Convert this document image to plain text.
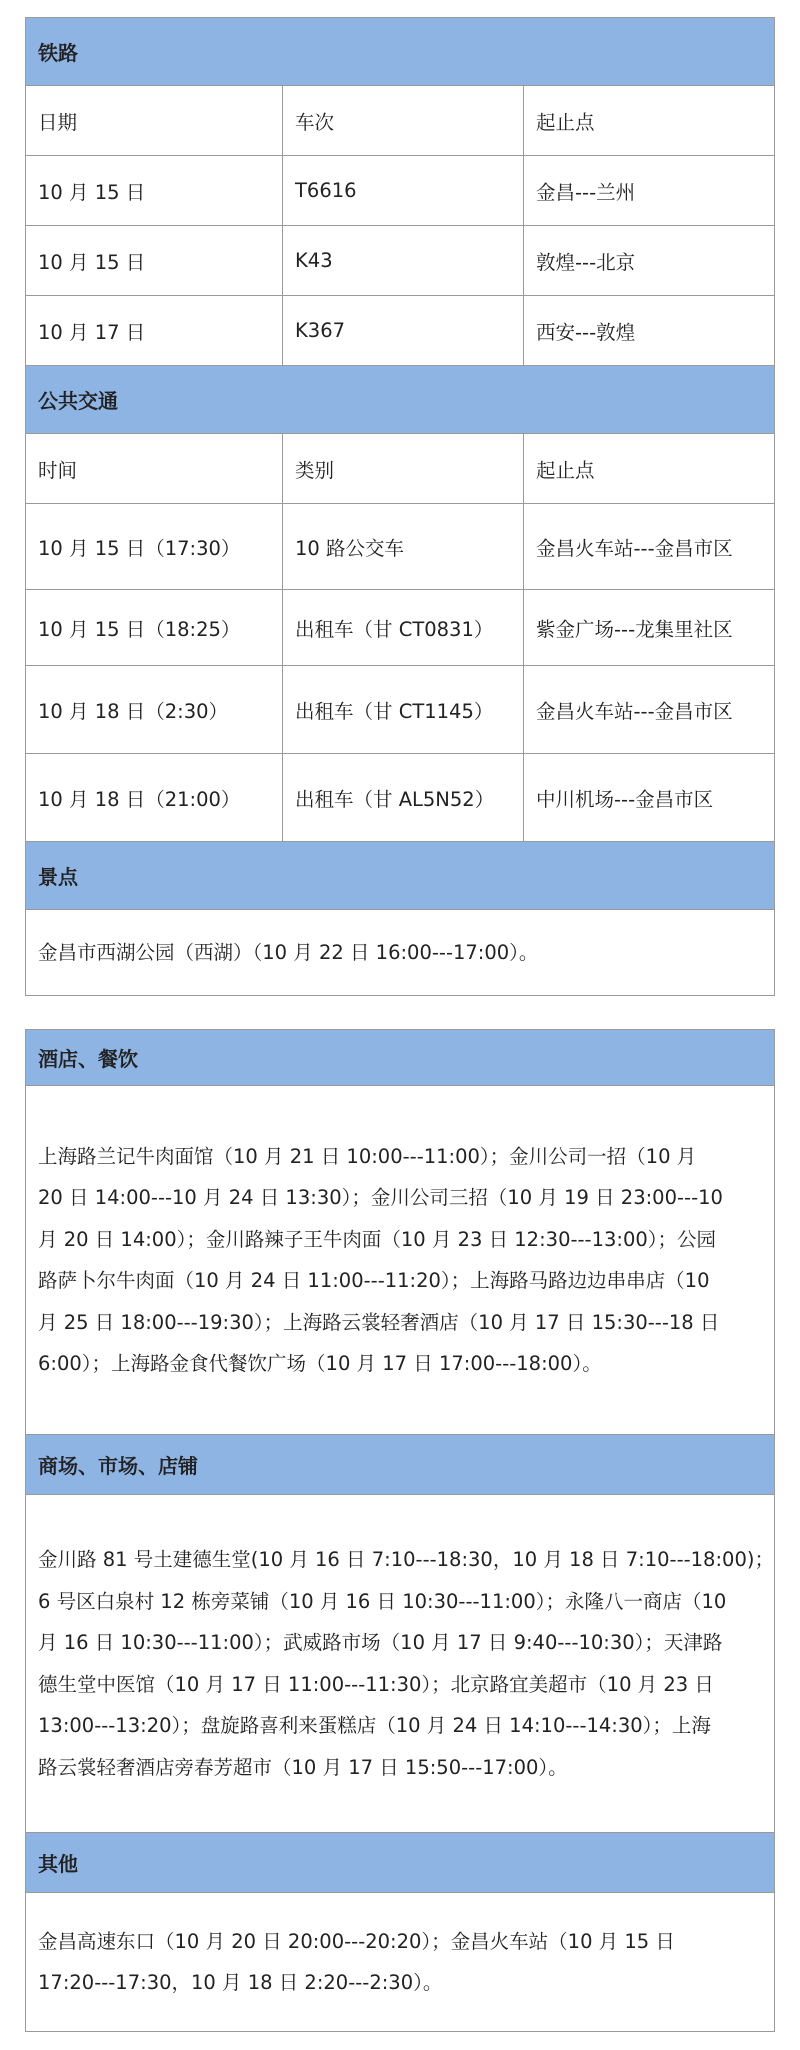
铁路
日期	车次	起止点
10 月 15 日	T6616	金昌---兰州
10 月 15 日	K43	敦煌---北京
10 月 17 日	K367	西安---敦煌
公共交通
时间	类别	起止点
10 月 15 日（17:30）	10 路公交车	金昌火车站---金昌市区
10 月 15 日（18:25）	出租车（甘 CT0831）	紫金广场---龙集里社区
10 月 18 日（2:30）	出租车（甘 CT1145）	金昌火车站---金昌市区
10 月 18 日（21:00）	出租车（甘 AL5N52）	中川机场---金昌市区
景点
金昌市西湖公园（西湖）（10 月 22 日 16:00---17:00）。
酒店、餐饮
上海路兰记牛肉面馆（10 月 21 日 10:00---11:00）；金川公司一招（10 月
20 日 14:00---10 月 24 日 13:30）；金川公司三招（10 月 19 日 23:00---10
月 20 日 14:00）；金川路辣子王牛肉面（10 月 23 日 12:30---13:00）；公园
路萨卜尔牛肉面（10 月 24 日 11:00---11:20）；上海路马路边边串串店（10
月 25 日 18:00---19:30）；上海路云裳轻奢酒店（10 月 17 日 15:30---18 日
6:00）；上海路金食代餐饮广场（10 月 17 日 17:00---18:00）。
商场、市场、店铺
金川路 81 号土建德生堂(10 月 16 日 7:10---18:30，10 月 18 日 7:10---18:00)；
6 号区白泉村 12 栋旁菜铺（10 月 16 日 10:30---11:00）；永隆八一商店（10
月 16 日 10:30---11:00）；武威路市场（10 月 17 日 9:40---10:30）；天津路
德生堂中医馆（10 月 17 日 11:00---11:30）；北京路宜美超市（10 月 23 日
13:00---13:20）；盘旋路喜利来蛋糕店（10 月 24 日 14:10---14:30）；上海
路云裳轻奢酒店旁春芳超市（10 月 17 日 15:50---17:00）。
其他
金昌高速东口（10 月 20 日 20:00---20:20）；金昌火车站（10 月 15 日
17:20---17:30，10 月 18 日 2:20---2:30）。
